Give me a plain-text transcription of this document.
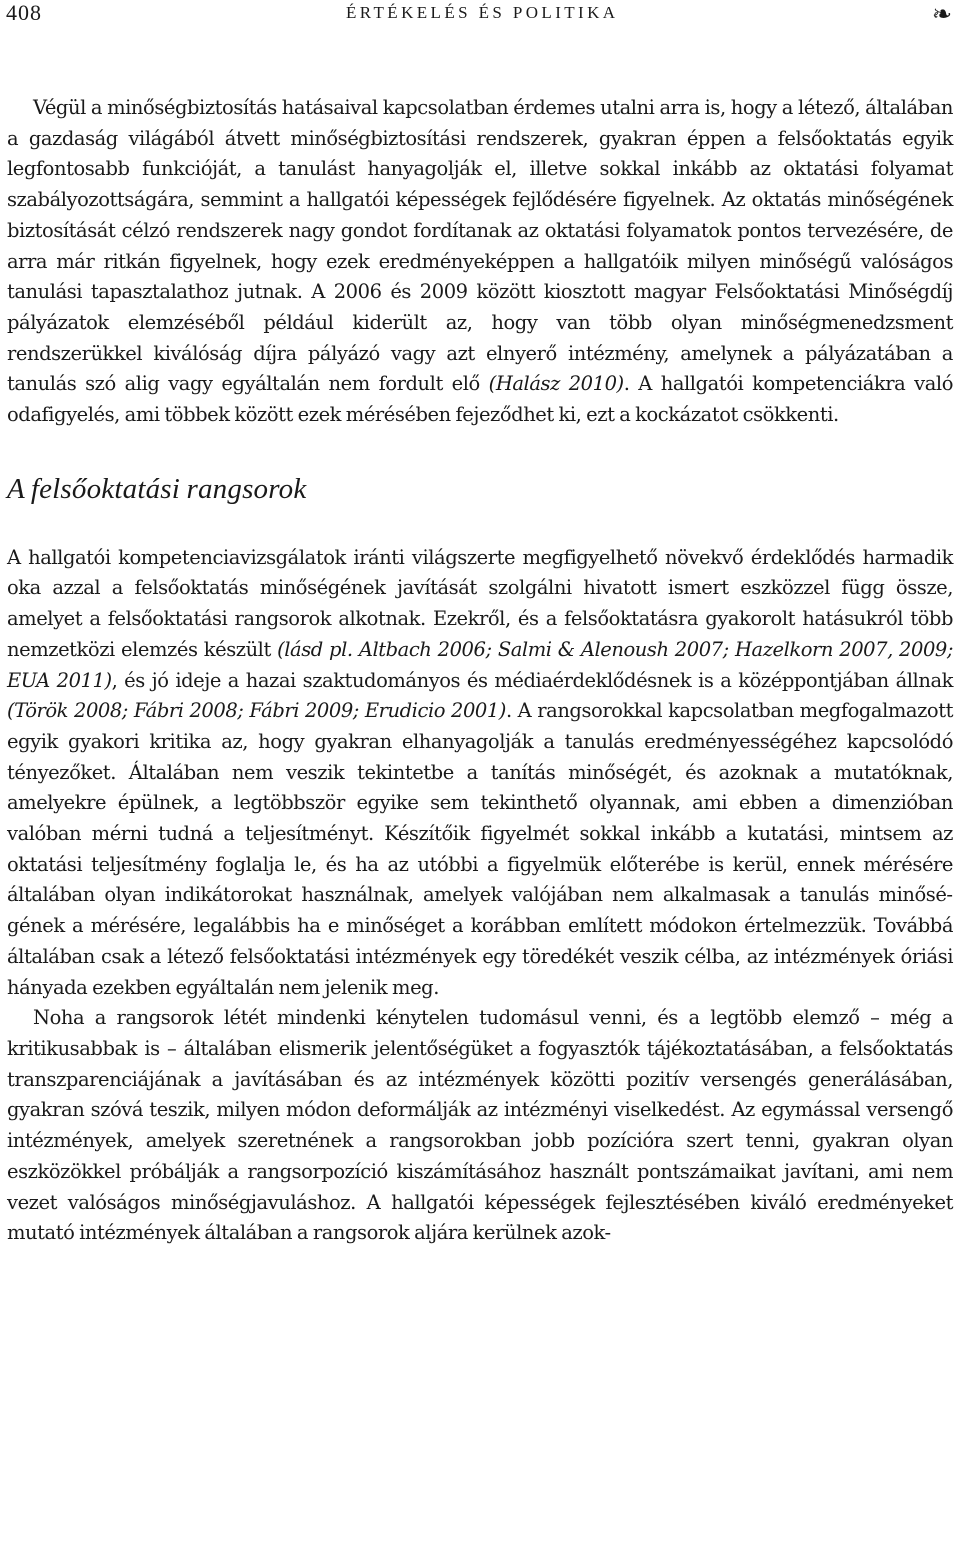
408	ÉRTÉKELÉS ÉS POLITIKA	❧

Végül a minőségbiztosítás hatásaival kapcsolatban érdemes utalni arra is, hogy a létező, általában a gazdaság világából átvett minőségbiztosítási rendszerek, gyakran éppen a felsőoktatás egyik legfontosabb funkcióját, a tanulást hanyagolják el, illetve sokkal inkább az oktatási folyamat szabályozottságára, semmint a hallgatói képességek fejlődésére figyelnek. Az oktatás minőségének biztosítását célzó rendszerek nagy gondot fordítanak az oktatási folyamatok pontos tervezésére, de arra már ritkán figyelnek, hogy ezek eredményeképpen a hallgatóik milyen minőségű valóságos tanulási tapasztalathoz jutnak. A 2006 és 2009 között kiosztott magyar Felsőoktatási Minőségdíj pályázatok elemzéséből például kiderült az, hogy van több olyan minőségmenedzsment rendszerükkel kiválóság díjra pályázó vagy azt elnyerő intézmény, amelynek a pályázatában a tanulás szó alig vagy egyáltalán nem fordult elő (Halász 2010). A hallgatói kompetenciákra való odafigyelés, ami többek között ezek mérésében fejeződhet ki, ezt a kockázatot csökkenti.

A felsőoktatási rangsorok

A hallgatói kompetenciavizsgálatok iránti világszerte megfigyelhető növekvő érdeklődés harmadik oka azzal a felsőoktatás minőségének javítását szolgálni hivatott ismert eszközzel függ össze, amelyet a felsőoktatási rangsorok alkotnak. Ezekről, és a felsőoktatásra gyakorolt hatásukról több nemzetközi elemzés készült (lásd pl. Altbach 2006; Salmi & Alenoush 2007; Hazelkorn 2007, 2009; EUA 2011), és jó ideje a hazai szaktudományos és médiaérdeklődésnek is a középpontjában állnak (Török 2008; Fábri 2008; Fábri 2009; Erudicio 2001). A rangsorokkal kapcsolatban megfogalmazott egyik gyakori kritika az, hogy gyakran elhanyagolják a tanulás eredményességéhez kapcsolódó tényezőket. Általában nem veszik tekintetbe a tanítás minőségét, és azoknak a mutatóknak, amelyekre épülnek, a legtöbbször egyike sem tekinthető olyannak, ami ebben a dimenzióban valóban mérni tudná a teljesítményt. Készítőik figyelmét sokkal inkább a kutatási, mintsem az oktatási teljesítmény foglalja le, és ha az utóbbi a figyelmük előterébe is kerül, ennek mérésére általában olyan indikátorokat használnak, amelyek valójában nem alkalmasak a tanulás minőségének a mérésére, legalábbis ha e minőséget a korábban említett módokon értelmezzük. Továbbá általában csak a létező felsőoktatási intézmények egy töredékét veszik célba, az intézmények óriási hányada ezekben egyáltalán nem jelenik meg.

Noha a rangsorok létét mindenki kénytelen tudomásul venni, és a legtöbb elemző – még a kritikusabbak is – általában elismerik jelentőségüket a fogyasztók tájékoztatásában, a felsőoktatás transzparenciájának a javításában és az intézmények közötti pozitív versengés generálásában, gyakran szóvá teszik, milyen módon deformálják az intézményi viselkedést. Az egymással versengő intézmények, amelyek szeretnének a rangsorokban jobb pozícióra szert tenni, gyakran olyan eszközökkel próbálják a rangsorpozíció kiszámításához használt pontszámaikat javítani, ami nem vezet valóságos minőségjavuláshoz. A hallgatói képességek fejlesztésében kiváló eredményeket mutató intézmények általában a rangsorok aljára kerülnek azok-
